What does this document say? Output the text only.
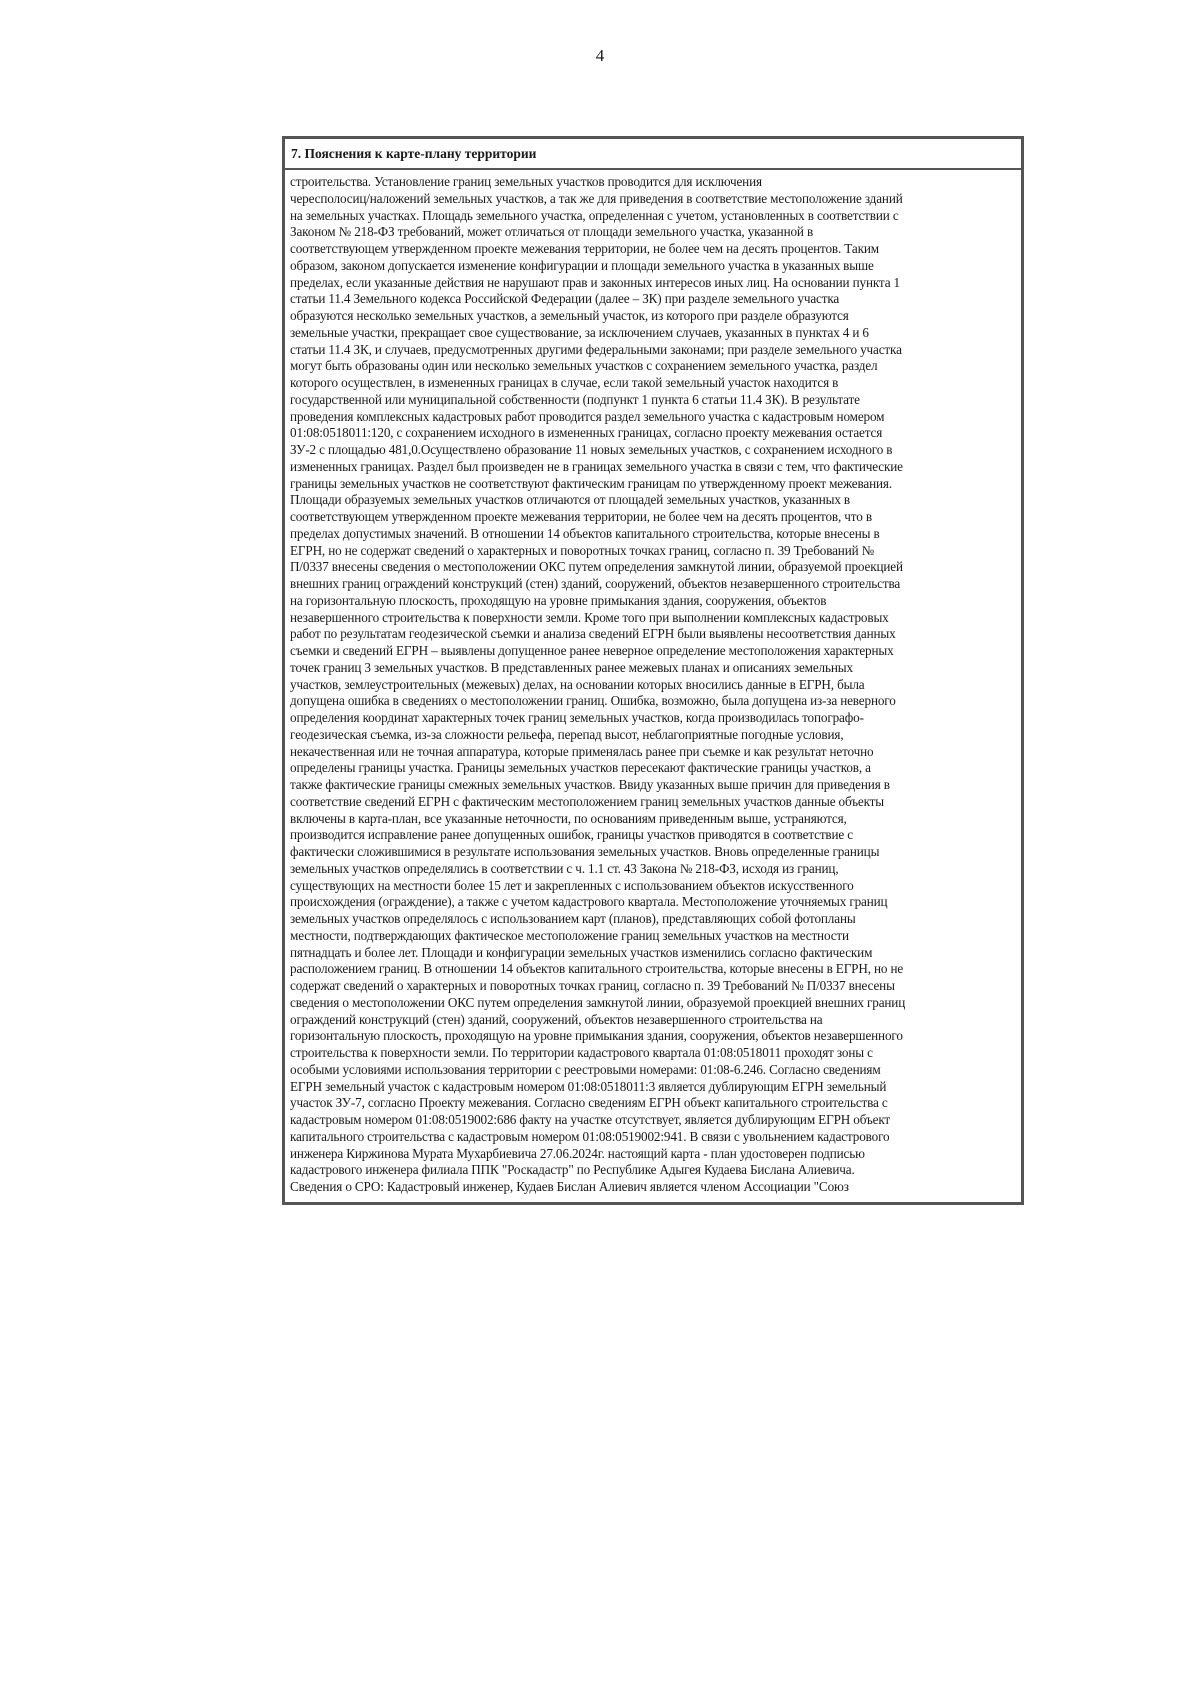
4
7. Пояснения к карте-плану территории
строительства. Установление границ земельных участков проводится для исключения
чересполосиц/наложений земельных участков, а так же для приведения в соответствие местоположение зданий
на земельных участках. Площадь земельного участка, определенная с учетом, установленных в соответствии с
Законом № 218-ФЗ требований, может отличаться от площади земельного участка, указанной в
соответствующем утвержденном проекте межевания территории, не более чем на десять процентов. Таким
образом, законом допускается изменение конфигурации и площади земельного участка в указанных выше
пределах, если указанные действия не нарушают прав и законных интересов иных лиц. На основании пункта 1
статьи 11.4 Земельного кодекса Российской Федерации (далее – ЗК) при разделе земельного участка
образуются несколько земельных участков, а земельный участок, из которого при разделе образуются
земельные участки, прекращает свое существование, за исключением случаев, указанных в пунктах 4 и 6
статьи 11.4 ЗК, и случаев, предусмотренных другими федеральными законами; при разделе земельного участка
могут быть образованы один или несколько земельных участков с сохранением земельного участка, раздел
которого осуществлен, в измененных границах в случае, если такой земельный участок находится в
государственной или муниципальной собственности (подпункт 1 пункта 6 статьи 11.4 ЗК). В результате
проведения комплексных кадастровых работ проводится раздел земельного участка с кадастровым номером
01:08:0518011:120, с сохранением исходного в измененных границах, согласно проекту межевания остается
ЗУ-2 с площадью 481,0.Осуществлено образование 11 новых земельных участков, с сохранением исходного в
измененных границах. Раздел был произведен не в границах земельного участка в связи с тем, что фактические
границы земельных участков не соответствуют фактическим границам по утвержденному проект межевания.
Площади образуемых земельных участков отличаются от площадей земельных участков, указанных в
соответствующем утвержденном проекте межевания территории, не более чем на десять процентов, что в
пределах допустимых значений. В отношении 14 объектов капитального строительства, которые внесены в
ЕГРН, но не содержат сведений о характерных и поворотных точках границ, согласно п. 39 Требований №
П/0337 внесены сведения о местоположении ОКС путем определения замкнутой линии, образуемой проекцией
внешних границ ограждений конструкций (стен) зданий, сооружений, объектов незавершенного строительства
на горизонтальную плоскость, проходящую на уровне примыкания здания, сооружения, объектов
незавершенного строительства к поверхности земли. Кроме того при выполнении комплексных кадастровых
работ по результатам геодезической съемки и анализа сведений ЕГРН были выявлены несоответствия данных
съемки и сведений ЕГРН – выявлены допущенное ранее неверное определение местоположения характерных
точек границ 3 земельных участков. В представленных ранее межевых планах и описаниях земельных
участков, землеустроительных (межевых) делах, на основании которых вносились данные в ЕГРН, была
допущена ошибка в сведениях о местоположении границ. Ошибка, возможно, была допущена из-за неверного
определения координат характерных точек границ земельных участков, когда производилась топографо-
геодезическая съемка, из-за сложности рельефа, перепад высот, неблагоприятные погодные условия,
некачественная или не точная аппаратура, которые применялась ранее при съемке и как результат неточно
определены границы участка. Границы земельных участков пересекают фактические границы участков, а
также фактические границы смежных земельных участков. Ввиду указанных выше причин для приведения в
соответствие сведений ЕГРН с фактическим местоположением границ земельных участков данные объекты
включены в карта-план, все указанные неточности, по основаниям приведенным выше, устраняются,
производится исправление ранее допущенных ошибок, границы участков приводятся в соответствие с
фактически сложившимися в результате использования земельных участков. Вновь определенные границы
земельных участков определялись в соответствии с ч. 1.1 ст. 43 Закона № 218-ФЗ, исходя из границ,
существующих на местности более 15 лет и закрепленных с использованием объектов искусственного
происхождения (ограждение), а также с учетом кадастрового квартала. Местоположение уточняемых границ
земельных участков определялось с использованием карт (планов), представляющих собой фотопланы
местности, подтверждающих фактическое местоположение границ земельных участков на местности
пятнадцать и более лет. Площади и конфигурации земельных участков изменились согласно фактическим
расположением границ. В отношении 14 объектов капитального строительства, которые внесены в ЕГРН, но не
содержат сведений о характерных и поворотных точках границ, согласно п. 39 Требований № П/0337 внесены
сведения о местоположении ОКС путем определения замкнутой линии, образуемой проекцией внешних границ
ограждений конструкций (стен) зданий, сооружений, объектов незавершенного строительства на
горизонтальную плоскость, проходящую на уровне примыкания здания, сооружения, объектов незавершенного
строительства к поверхности земли. По территории кадастрового квартала 01:08:0518011 проходят зоны с
особыми условиями использования территории с реестровыми номерами: 01:08-6.246. Согласно сведениям
ЕГРН земельный участок с кадастровым номером 01:08:0518011:3 является дублирующим ЕГРН земельный
участок ЗУ-7, согласно Проекту межевания. Согласно сведениям ЕГРН объект капитального строительства с
кадастровым номером 01:08:0519002:686 факту на участке отсутствует, является дублирующим ЕГРН объект
капитального строительства с кадастровым номером 01:08:0519002:941. В связи с увольнением кадастрового
инженера Киржинова Мурата Мухарбиевича 27.06.2024г. настоящий карта - план удостоверен подписью
кадастрового инженера филиала ППК "Роскадастр" по Республике Адыгея Кудаева Бислана Алиевича.
Сведения о СРО: Кадастровый инженер, Кудаев Бислан Алиевич является членом Ассоциации "Союз
